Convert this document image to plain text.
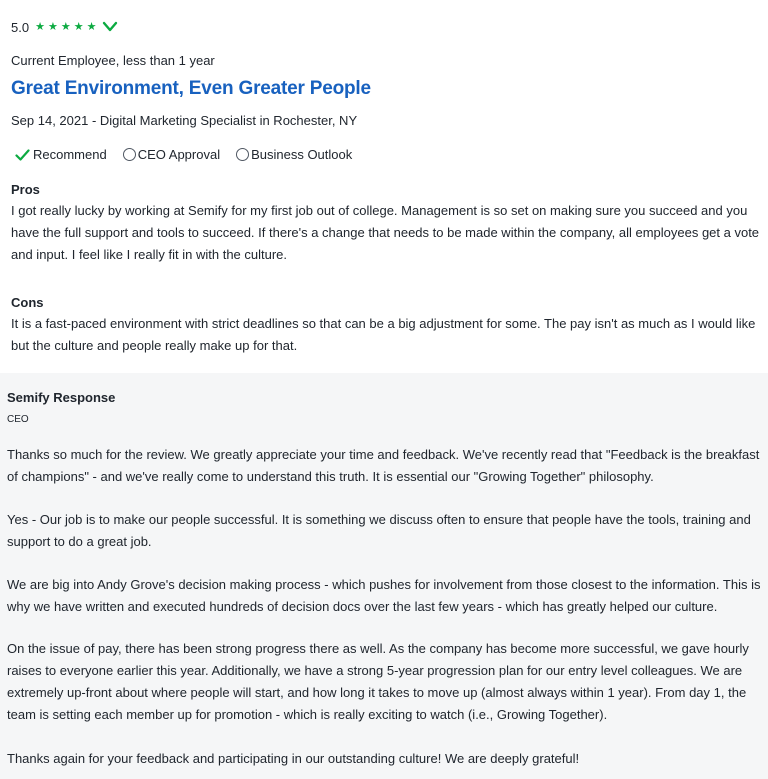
5.0 ★ ★ ★ ★ ★
Current Employee, less than 1 year
Great Environment, Even Greater People
Sep 14, 2021 - Digital Marketing Specialist in Rochester, NY
Recommend CEO Approval Business Outlook
Pros
I got really lucky by working at Semify for my first job out of college. Management is so set on making sure you succeed and you have the full support and tools to succeed. If there's a change that needs to be made within the company, all employees get a vote and input. I feel like I really fit in with the culture.
Cons
It is a fast-paced environment with strict deadlines so that can be a big adjustment for some. The pay isn't as much as I would like but the culture and people really make up for that.
Semify Response
CEO

Thanks so much for the review. We greatly appreciate your time and feedback. We've recently read that "Feedback is the breakfast of champions" - and we've really come to understand this truth. It is essential our "Growing Together" philosophy.

Yes - Our job is to make our people successful. It is something we discuss often to ensure that people have the tools, training and support to do a great job.

We are big into Andy Grove's decision making process - which pushes for involvement from those closest to the information. This is why we have written and executed hundreds of decision docs over the last few years - which has greatly helped our culture.

On the issue of pay, there has been strong progress there as well. As the company has become more successful, we gave hourly raises to everyone earlier this year. Additionally, we have a strong 5-year progression plan for our entry level colleagues. We are extremely up-front about where people will start, and how long it takes to move up (almost always within 1 year). From day 1, the team is setting each member up for promotion - which is really exciting to watch (i.e., Growing Together).

Thanks again for your feedback and participating in our outstanding culture! We are deeply grateful!
